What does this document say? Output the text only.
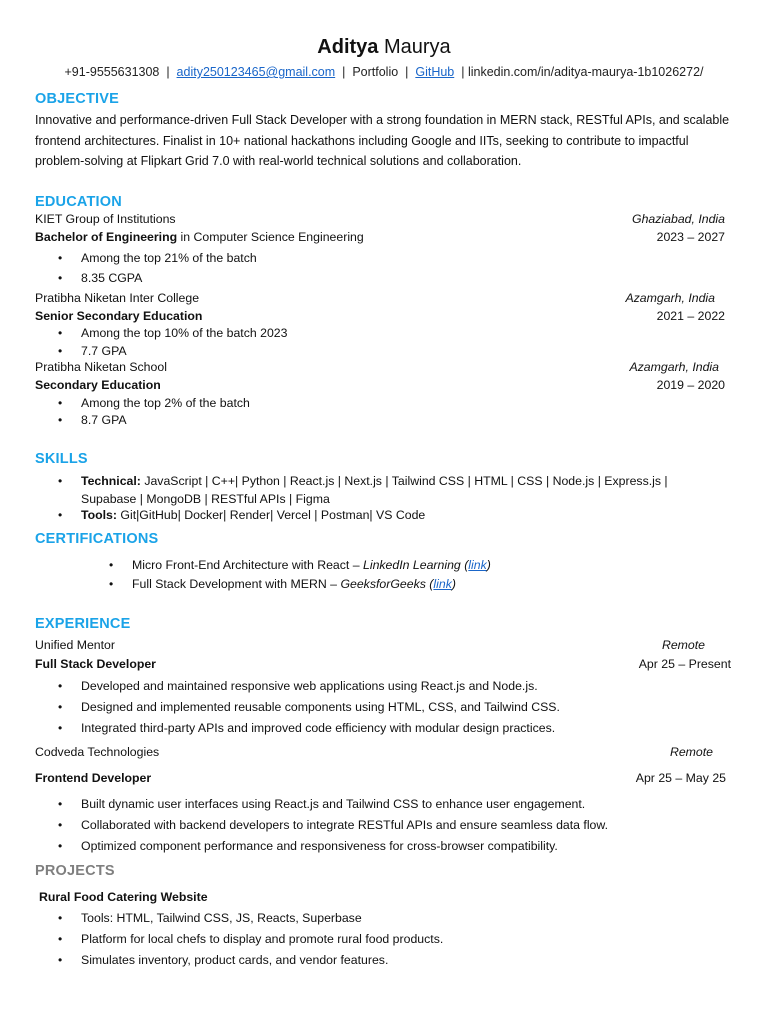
Aditya Maurya
+91-9555631308 | adity250123465@gmail.com | Portfolio | GitHub | linkedin.com/in/aditya-maurya-1b1026272/
OBJECTIVE
Innovative and performance-driven Full Stack Developer with a strong foundation in MERN stack, RESTful APIs, and scalable frontend architectures. Finalist in 10+ national hackathons including Google and IITs, seeking to contribute to impactful problem-solving at Flipkart Grid 7.0 with real-world technical solutions and collaboration.
EDUCATION
KIET Group of Institutions	Ghaziabad, India
Bachelor of Engineering in Computer Science Engineering	2023 – 2027
• Among the top 21% of the batch
• 8.35 CGPA
Pratibha Niketan Inter College	Azamgarh, India
Senior Secondary Education	2021 – 2022
• Among the top 10% of the batch 2023
• 7.7 GPA
Pratibha Niketan School	Azamgarh, India
Secondary Education	2019 – 2020
• Among the top 2% of the batch
• 8.7 GPA
SKILLS
• Technical: JavaScript | C++| Python | React.js | Next.js | Tailwind CSS | HTML | CSS | Node.js | Express.js | Supabase | MongoDB | RESTful APIs | Figma
• Tools: Git|GitHub| Docker| Render| Vercel | Postman| VS Code
CERTIFICATIONS
• Micro Front-End Architecture with React – LinkedIn Learning (link)
• Full Stack Development with MERN – GeeksforGeeks (link)
EXPERIENCE
Unified Mentor	Remote
Full Stack Developer	Apr 25 – Present
• Developed and maintained responsive web applications using React.js and Node.js.
• Designed and implemented reusable components using HTML, CSS, and Tailwind CSS.
• Integrated third-party APIs and improved code efficiency with modular design practices.
Codveda Technologies	Remote
Frontend Developer	Apr 25 – May 25
• Built dynamic user interfaces using React.js and Tailwind CSS to enhance user engagement.
• Collaborated with backend developers to integrate RESTful APIs and ensure seamless data flow.
• Optimized component performance and responsiveness for cross-browser compatibility.
PROJECTS
Rural Food Catering Website
• Tools: HTML, Tailwind CSS, JS, Reacts, Superbase
• Platform for local chefs to display and promote rural food products.
• Simulates inventory, product cards, and vendor features.
